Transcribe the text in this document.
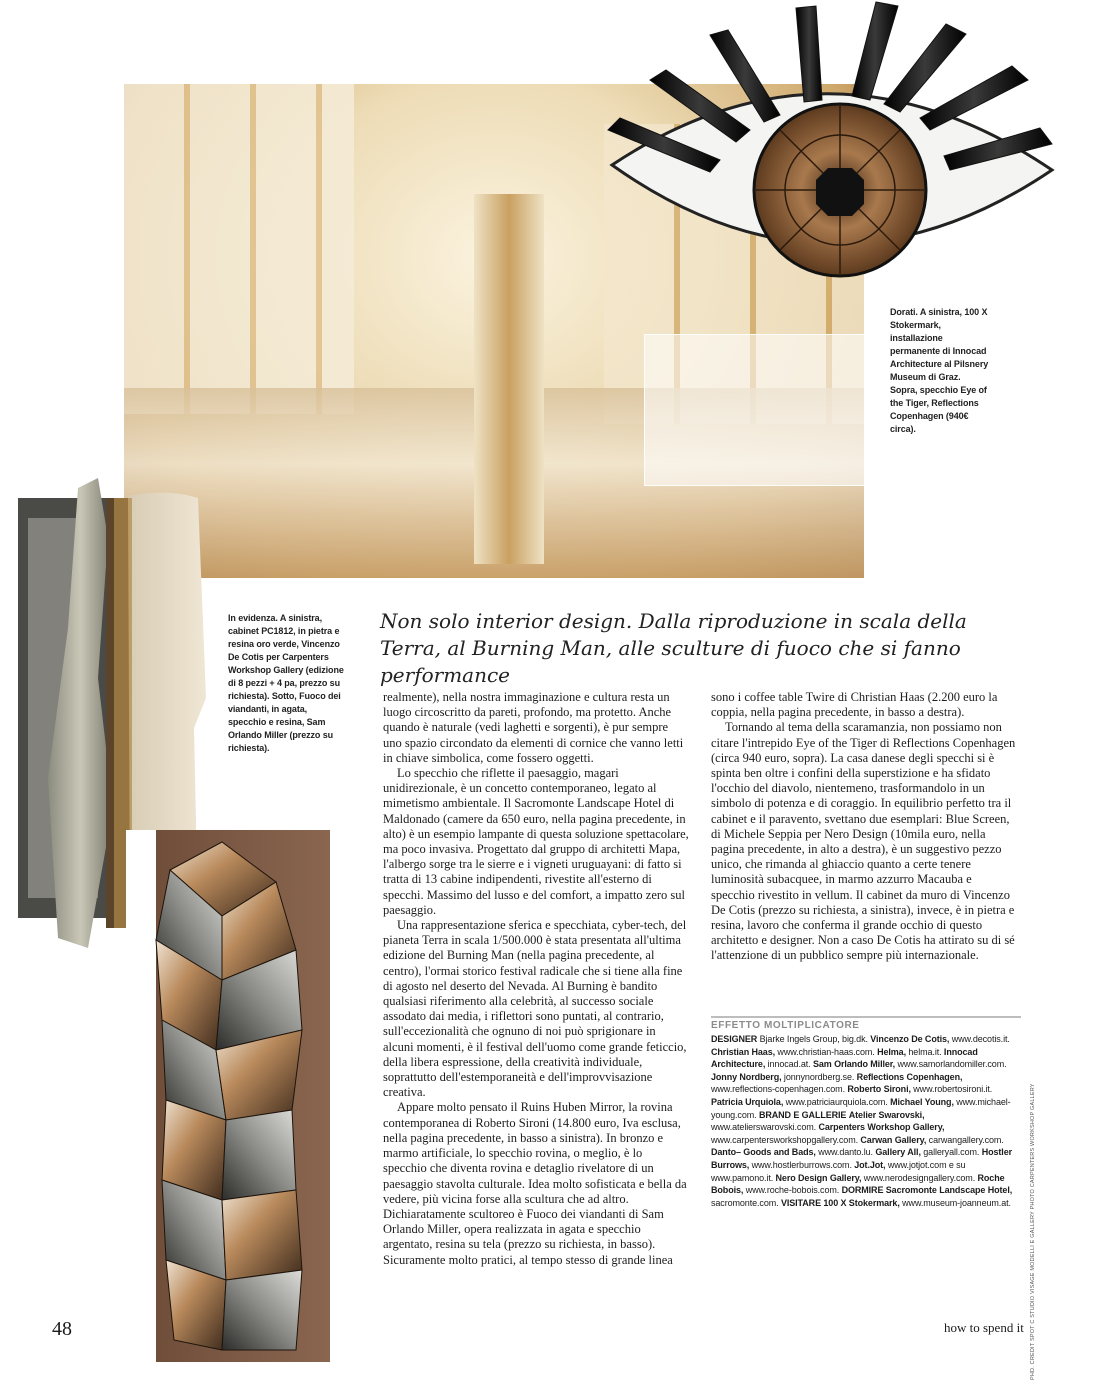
Dorati. A sinistra, 100 X Stokermark, installazione permanente di Innocad Architecture al Pilsnery Museum di Graz. Sopra, specchio Eye of the Tiger, Reflections Copenhagen (940€ circa).
In evidenza. A sinistra, cabinet PC1812, in pietra e resina oro verde, Vincenzo De Cotis per Carpenters Workshop Gallery (edizione di 8 pezzi + 4 pa, prezzo su richiesta). Sotto, Fuoco dei viandanti, in agata, specchio e resina, Sam Orlando Miller (prezzo su richiesta).
PHD. CREDIT SPOT C STUDIO VISAGE MODELLI E GALLERY PHOTO CARPENTERS WORKSHOP GALLERY
Non solo interior design. Dalla riproduzione in scala della Terra, al Burning Man, alle sculture di fuoco che si fanno performance

realmente), nella nostra immaginazione e cultura resta un luogo circoscritto da pareti, profondo, ma protetto. Anche quando è naturale (vedi laghetti e sorgenti), è pur sempre uno spazio circondato da elementi di cornice che vanno letti in chiave simbolica, come fossero oggetti.

Lo specchio che riflette il paesaggio, magari unidirezionale, è un concetto contemporaneo, legato al mimetismo ambientale. Il Sacromonte Landscape Hotel di Maldonado (camere da 650 euro, nella pagina precedente, in alto) è un esempio lampante di questa soluzione spettacolare, ma poco invasiva. Progettato dal gruppo di architetti Mapa, l'albergo sorge tra le sierre e i vigneti uruguayani: di fatto si tratta di 13 cabine indipendenti, rivestite all'esterno di specchi. Massimo del lusso e del comfort, a impatto zero sul paesaggio.

Una rappresentazione sferica e specchiata, cyber-tech, del pianeta Terra in scala 1/500.000 è stata presentata all'ultima edizione del Burning Man (nella pagina precedente, al centro), l'ormai storico festival radicale che si tiene alla fine di agosto nel deserto del Nevada. Al Burning è bandito qualsiasi riferimento alla celebrità, al successo sociale assodato dai media, i riflettori sono puntati, al contrario, sull'eccezionalità che ognuno di noi può sprigionare in alcuni momenti, è il festival dell'uomo come grande feticcio, della libera espressione, della creatività individuale, soprattutto dell'estemporaneità e dell'improvvisazione creativa.

Appare molto pensato il Ruins Huben Mirror, la rovina contemporanea di Roberto Sironi (14.800 euro, Iva esclusa, nella pagina precedente, in basso a sinistra). In bronzo e marmo artificiale, lo specchio rovina, o meglio, è lo specchio che diventa rovina e detaglio rivelatore di un paesaggio stavolta culturale. Idea molto sofisticata e bella da vedere, più vicina forse alla scultura che ad altro. Dichiaratamente scultoreo è Fuoco dei viandanti di Sam Orlando Miller, opera realizzata in agata e specchio argentato, resina su tela (prezzo su richiesta, in basso). Sicuramente molto pratici, al tempo stesso di grande linea

sono i coffee table Twire di Christian Haas (2.200 euro la coppia, nella pagina precedente, in basso a destra).

Tornando al tema della scaramanzia, non possiamo non citare l'intrepido Eye of the Tiger di Reflections Copenhagen (circa 940 euro, sopra). La casa danese degli specchi si è spinta ben oltre i confini della superstizione e ha sfidato l'occhio del diavolo, nientemeno, trasformandolo in un simbolo di potenza e di coraggio. In equilibrio perfetto tra il cabinet e il paravento, svettano due esemplari: Blue Screen, di Michele Seppia per Nero Design (10mila euro, nella pagina precedente, in alto a destra), è un suggestivo pezzo unico, che rimanda al ghiaccio quanto a certe tenere luminosità subacquee, in marmo azzurro Macauba e specchio rivestito in vellum. Il cabinet da muro di Vincenzo De Cotis (prezzo su richiesta, a sinistra), invece, è in pietra e resina, lavoro che conferma il grande occhio di questo architetto e designer. Non a caso De Cotis ha attirato su di sé l'attenzione di un pubblico sempre più internazionale.

EFFETTO MOLTIPLICATORE
DESIGNER Bjarke Ingels Group, big.dk. Vincenzo De Cotis, www.decotis.it. Christian Haas, www.christian-haas.com. Helma, helma.it. Innocad Architecture, innocad.at. Sam Orlando Miller, www.samorlandomiller.com. Jonny Nordberg, jonnynordberg.se. Reflections Copenhagen, www.reflections-copenhagen.com. Roberto Sironi, www.robertosironi.it. Patricia Urquiola, www.patriciaurquiola.com. Michael Young, www.michael-young.com. BRAND E GALLERIE Atelier Swarovski, www.atelierswarovski.com. Carpenters Workshop Gallery, www.carpentersworkshopgallery.com. Carwan Gallery, carwangallery.com. Danto– Goods and Bads, www.danto.lu. Gallery All, galleryall.com. Hostler Burrows, www.hostlerburrows.com. Jot.Jot, www.jotjot.com e su www.pamono.it. Nero Design Gallery, www.nerodesigngallery.com. Roche Bobois, www.roche-bobois.com. DORMIRE Sacromonte Landscape Hotel, sacromonte.com. VISITARE 100 X Stokermark, www.museum-joanneum.at.
48	how to spend it
